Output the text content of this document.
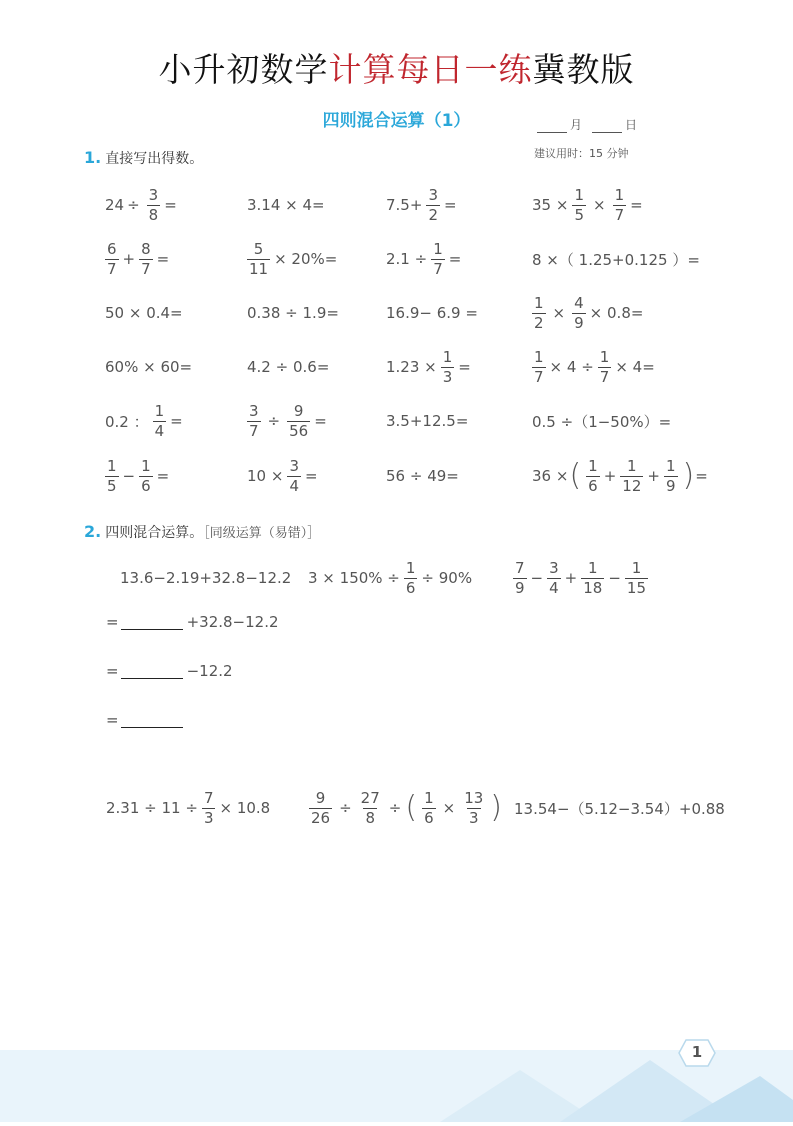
小升初数学计算每日一练冀教版
四则混合运算（1）	月	日
建议用时：15 分钟
1. 直接写出得数。
$24 \div \frac{3}{8}$ =	3.14 × 4=	$7.5+ \frac{3}{2}$ =	$35 \times \frac{1}{5} \times \frac{1}{7}$ =
$\frac{6}{7} + \frac{8}{7}$ =	$\frac{5}{11} \times 20\%=$	$2.1 \div \frac{1}{7}$ =	8 ×（ 1.25+0.125 ）=
50 × 0.4=	0.38 ÷ 1.9=	16.9− 6.9 =	$\frac{1}{2} \times \frac{4}{9} \times 0.8=$
60% × 60=	4.2 ÷ 0.6=	$1.23 \times \frac{1}{3}$ =	$\frac{1}{7} \times 4 \div \frac{1}{7} \times 4=$
0.2 ： $\frac{1}{4}$ =	$\frac{3}{7} \div \frac{9}{56}$ =	3.5+12.5=	0.5 ÷（1−50%）=
$\frac{1}{5} - \frac{1}{6}$ =	$10 \times \frac{3}{4}$ =	56 ÷ 49=	36 × ( $\frac{1}{6} + \frac{1}{12} + \frac{1}{9}$ ) =
2. 四则混合运算。［同级运算（易错）］
13.6−2.19+32.8−12.2 $3 \times 150\% \div \frac{1}{6} \div 90\%$	$\frac{7}{9} - \frac{3}{4} + \frac{1}{18} - \frac{1}{15}$
=	+32.8−12.2
=	−12.2
=
$2.31 \div 11 \div \frac{7}{3} \times 10.8$	$\frac{9}{26} \div \frac{27}{8}$ ÷ ( $\frac{1}{6} \times \frac{13}{3}$ ) 13.54−（5.12−3.54）+0.88
1
